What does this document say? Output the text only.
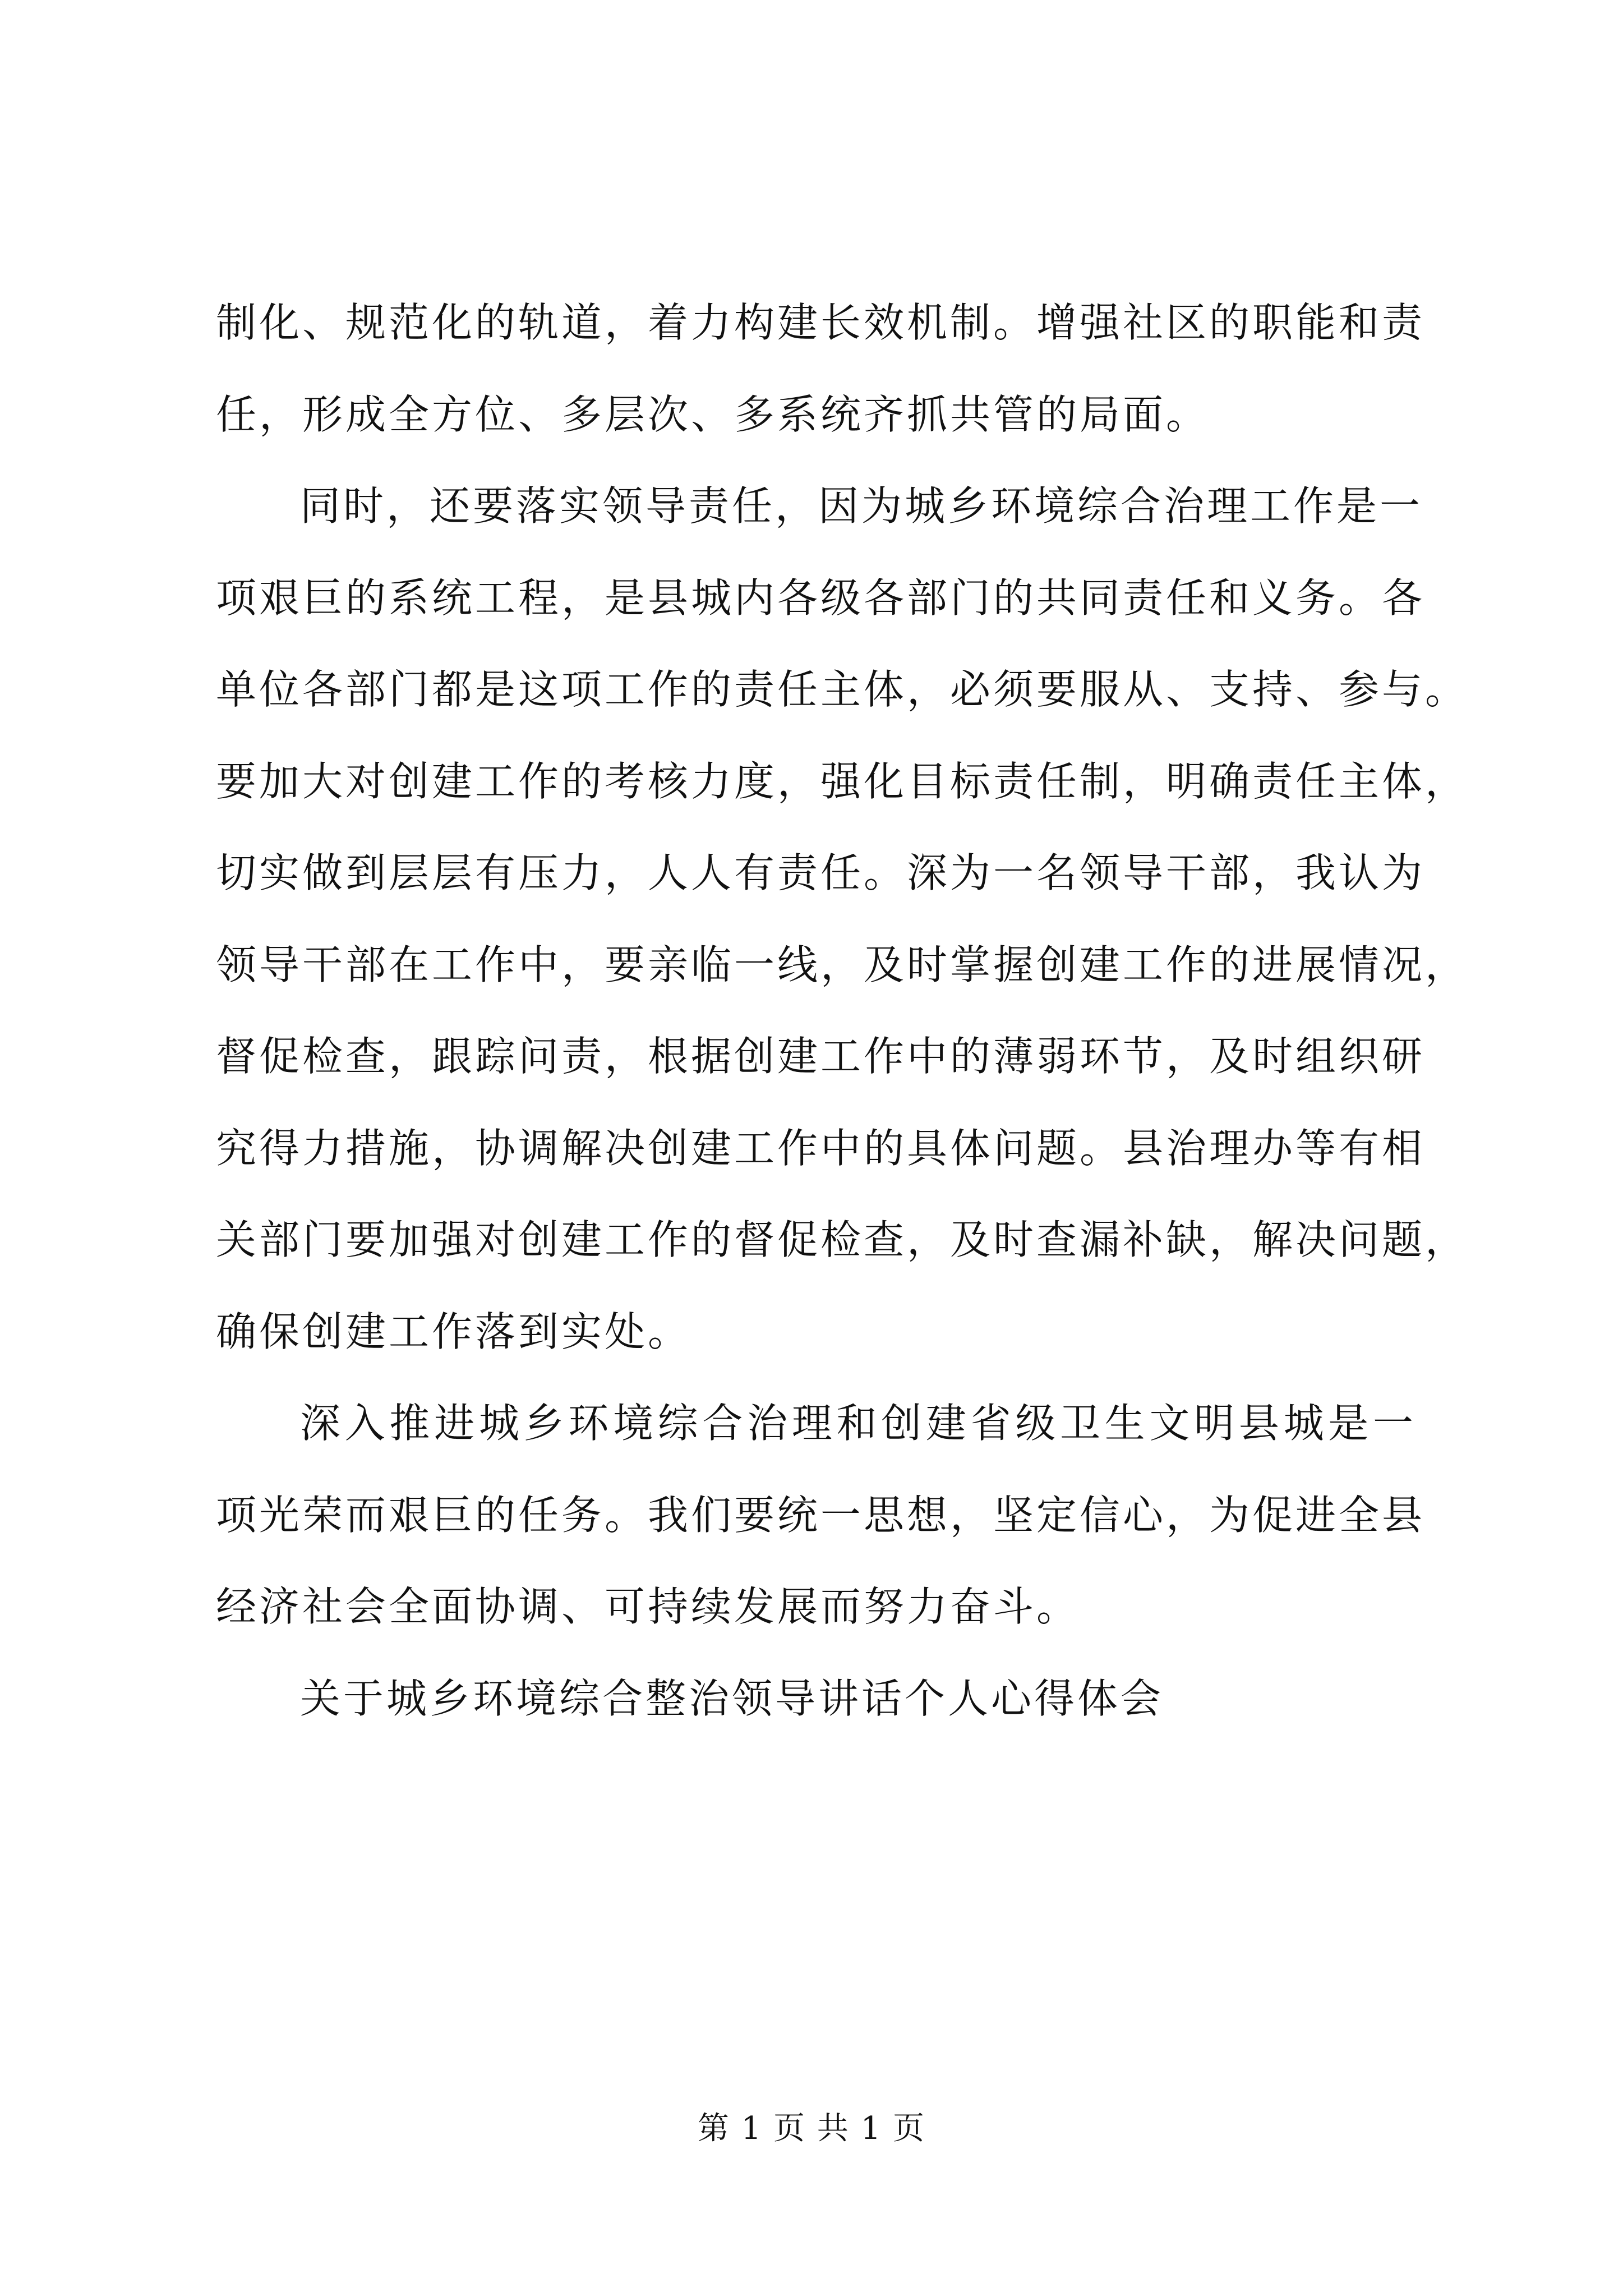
制化、规范化的轨道，着力构建长效机制。增强社区的职能和责
任，形成全方位、多层次、多系统齐抓共管的局面。
同时，还要落实领导责任，因为城乡环境综合治理工作是一
项艰巨的系统工程，是县城内各级各部门的共同责任和义务。各
单位各部门都是这项工作的责任主体，必须要服从、支持、参与。
要加大对创建工作的考核力度，强化目标责任制，明确责任主体，
切实做到层层有压力，人人有责任。深为一名领导干部，我认为
领导干部在工作中，要亲临一线，及时掌握创建工作的进展情况，
督促检查，跟踪问责，根据创建工作中的薄弱环节，及时组织研
究得力措施，协调解决创建工作中的具体问题。县治理办等有相
关部门要加强对创建工作的督促检查，及时查漏补缺，解决问题，
确保创建工作落到实处。
深入推进城乡环境综合治理和创建省级卫生文明县城是一
项光荣而艰巨的任务。我们要统一思想，坚定信心，为促进全县
经济社会全面协调、可持续发展而努力奋斗。
关于城乡环境综合整治领导讲话个人心得体会
第 1 页 共 1 页
